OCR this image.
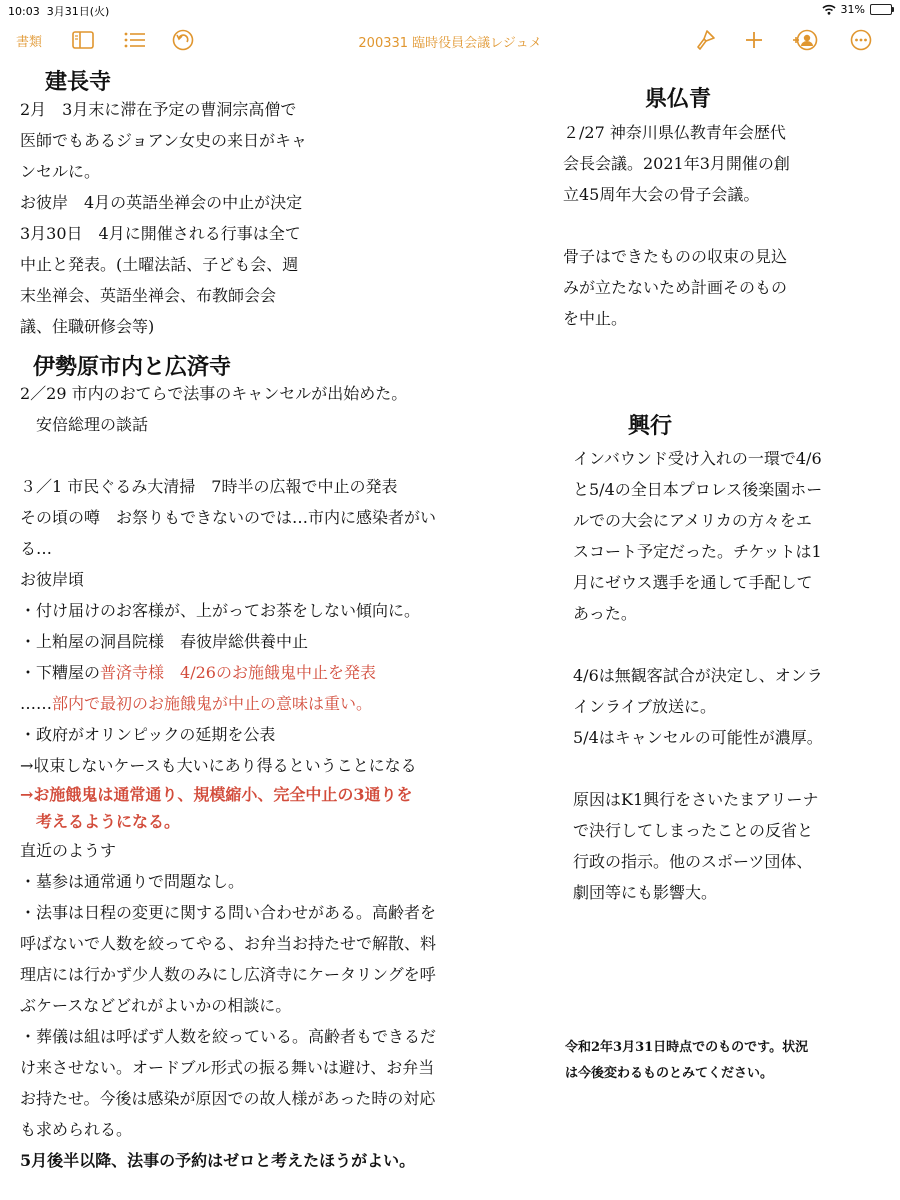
10:03 3月31日(火)	31%
書類	200331 臨時役員会議レジュメ
建長寺

2月　3月末に滞在予定の曹洞宗高僧で

医師でもあるジョアン女史の来日がキャ

ンセルに。

お彼岸　4月の英語坐禅会の中止が決定

3月30日　4月に開催される行事は全て

中止と発表。(土曜法話、子ども会、週

末坐禅会、英語坐禅会、布教師会会

議、住職研修会等)

伊勢原市内と広済寺

2／29 市内のおてらで法事のキャンセルが出始めた。

　安倍総理の談話

３／1 市民ぐるみ大清掃　7時半の広報で中止の発表

その頃の噂　お祭りもできないのでは…市内に感染者がい

る…

お彼岸頃

・付け届けのお客様が、上がってお茶をしない傾向に。

・上粕屋の洞昌院様　春彼岸総供養中止

・下糟屋の普済寺様　4/26のお施餓鬼中止を発表

……部内で最初のお施餓鬼が中止の意味は重い。

・政府がオリンピックの延期を公表

→収束しないケースも大いにあり得るということになる

→お施餓鬼は通常通り、規模縮小、完全中止の3通りを

　考えるようになる。

直近のようす

・墓参は通常通りで問題なし。

・法事は日程の変更に関する問い合わせがある。高齢者を

呼ばないで人数を絞ってやる、お弁当お持たせで解散、料

理店には行かず少人数のみにし広済寺にケータリングを呼

ぶケースなどどれがよいかの相談に。

・葬儀は組は呼ばず人数を絞っている。高齢者もできるだ

け来させない。オードブル形式の振る舞いは避け、お弁当

お持たせ。今後は感染が原因での故人様があった時の対応

も求められる。

5月後半以降、法事の予約はゼロと考えたほうがよい。

県仏青

２/27 神奈川県仏教青年会歴代

会長会議。2021年3月開催の創

立45周年大会の骨子会議。

骨子はできたものの収束の見込

みが立たないため計画そのもの

を中止。

興行

インバウンド受け入れの一環で4/6

と5/4の全日本プロレス後楽園ホー

ルでの大会にアメリカの方々をエ

スコート予定だった。チケットは1

月にゼウス選手を通して手配して

あった。

4/6は無観客試合が決定し、オンラ

インライブ放送に。

5/4はキャンセルの可能性が濃厚。

原因はK1興行をさいたまアリーナ

で決行してしまったことの反省と

行政の指示。他のスポーツ団体、

劇団等にも影響大。

令和2年3月31日時点でのものです。状況

は今後変わるものとみてください。
